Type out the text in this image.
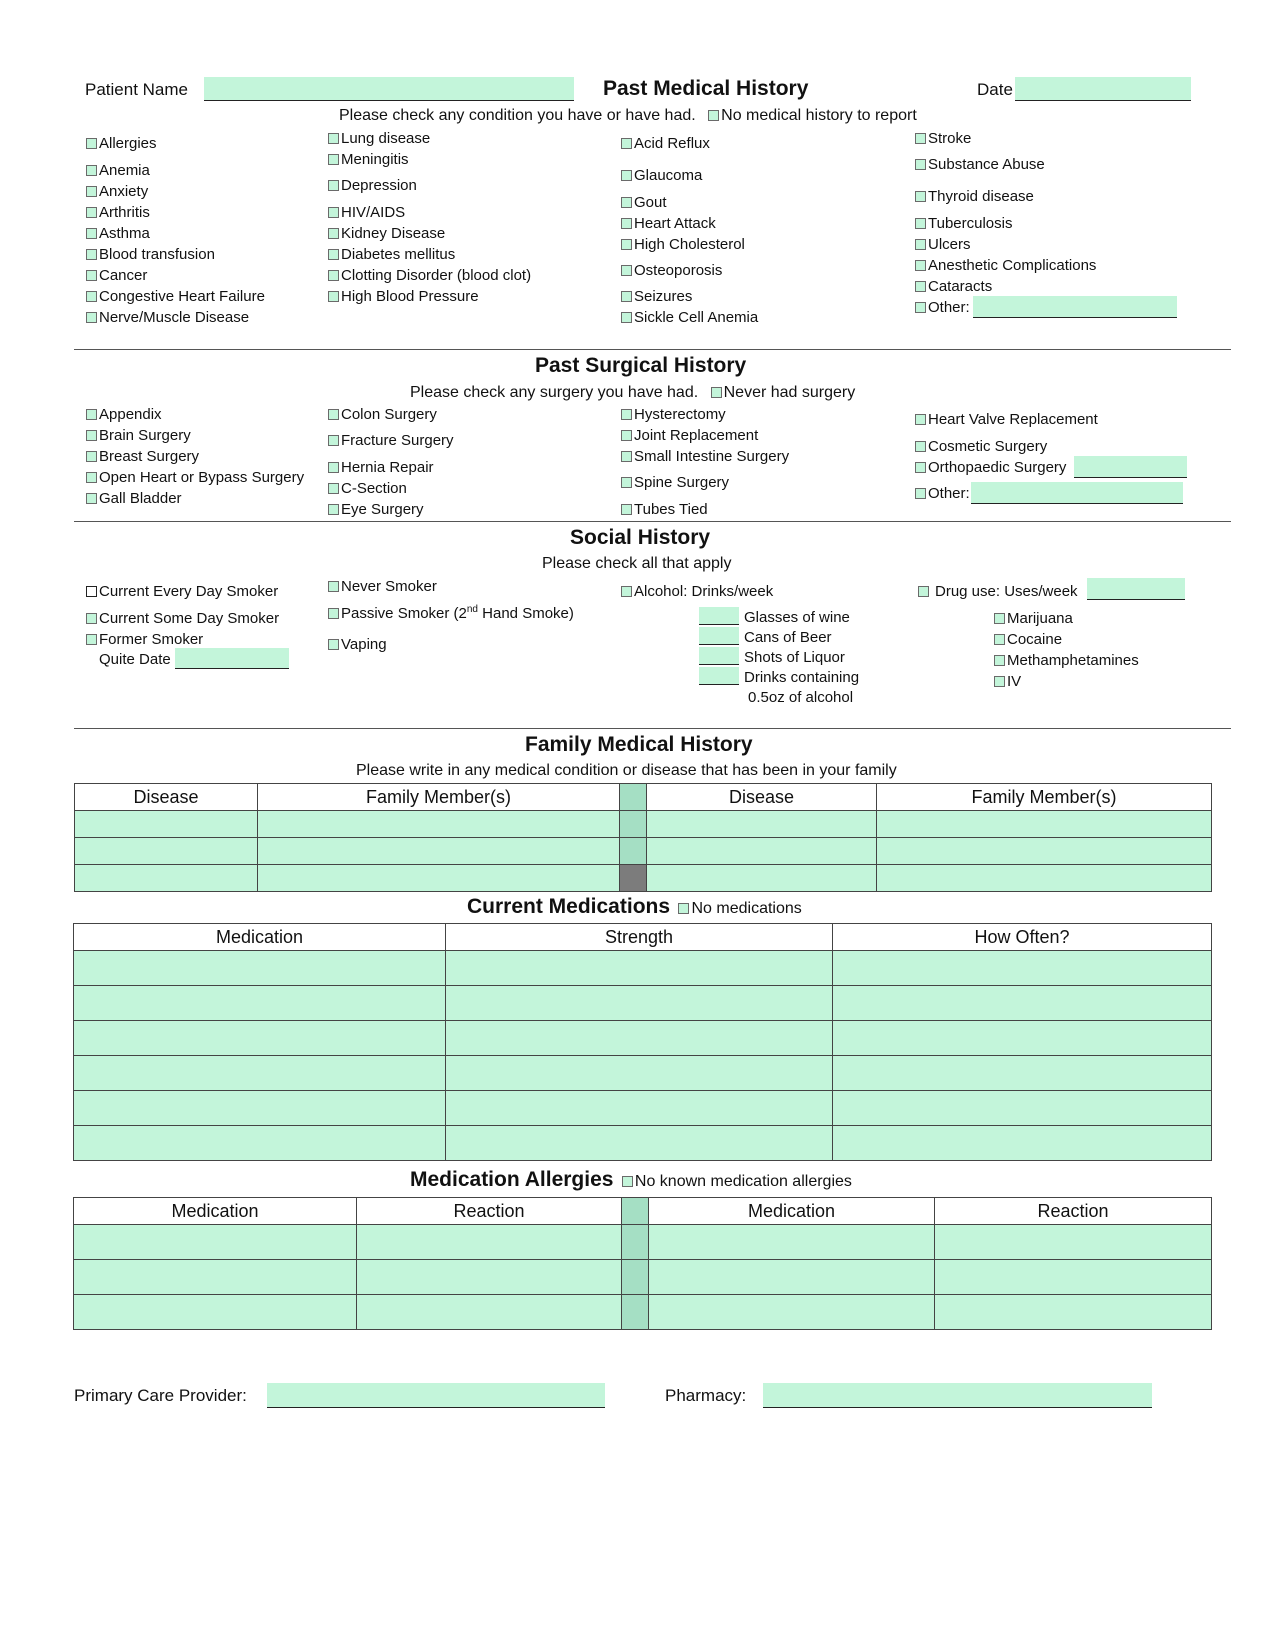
Patient Name	Past Medical History	Date
Please check any condition you have or have had. No medical history to report
Allergies
Anemia
Anxiety
Arthritis
Asthma
Blood transfusion
Cancer
Congestive Heart Failure
Nerve/Muscle Disease
Lung disease
Meningitis
Depression
HIV/AIDS
Kidney Disease
Diabetes mellitus
Clotting Disorder (blood clot)
High Blood Pressure
Acid Reflux
Glaucoma
Gout
Heart Attack
High Cholesterol
Osteoporosis
Seizures
Sickle Cell Anemia
Stroke
Substance Abuse
Thyroid disease
Tuberculosis
Ulcers
Anesthetic Complications
Cataracts
Other:
Past Surgical History
Please check any surgery you have had. Never had surgery
Appendix
Brain Surgery
Breast Surgery
Open Heart or Bypass Surgery
Gall Bladder
Colon Surgery
Fracture Surgery
Hernia Repair
C-Section
Eye Surgery
Hysterectomy
Joint Replacement
Small Intestine Surgery
Spine Surgery
Tubes Tied
Heart Valve Replacement
Cosmetic Surgery
Orthopaedic Surgery
Other:
Social History
Please check all that apply
Current Every Day Smoker
Current Some Day Smoker
Former Smoker
Quite Date
Never Smoker
Passive Smoker (2nd Hand Smoke)
Vaping
Alcohol: Drinks/week
Glasses of wine
Cans of Beer
Shots of Liquor
Drinks containing
0.5oz of alcohol
Drug use: Uses/week
Marijuana
Cocaine
Methamphetamines
IV
Family Medical History
Please write in any medical condition or disease that has been in your family
Disease	Family Member(s)		Disease	Family Member(s)

Current Medications No medications
Medication	Strength	How Often?

Medication Allergies No known medication allergies
Medication	Reaction		Medication	Reaction

Primary Care Provider:	Pharmacy:
